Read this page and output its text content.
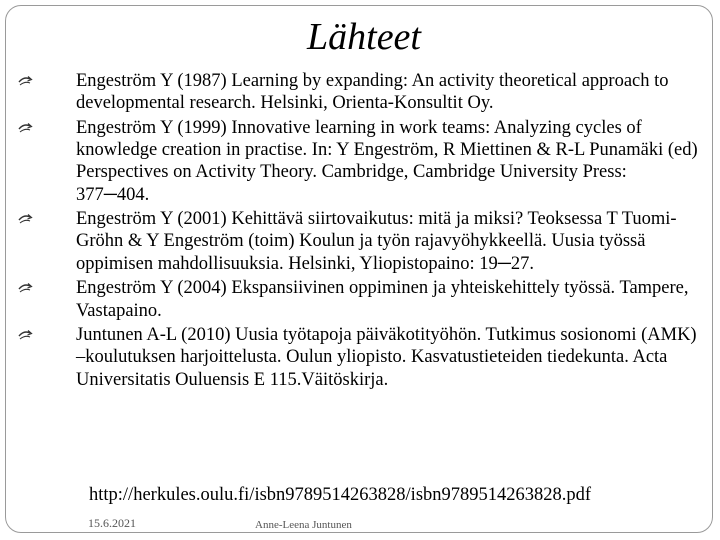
Lähteet
Engeström Y (1987) Learning by expanding: An activity theoretical approach to developmental research. Helsinki, Orienta-Konsultit Oy.
Engeström Y (1999) Innovative learning in work teams: Analyzing cycles of knowledge creation in practise. In: Y Engeström, R Miettinen & R-L Punamäki (ed) Perspectives on Activity Theory. Cambridge, Cambridge University Press: 377─404.
Engeström Y (2001) Kehittävä siirtovaikutus: mitä ja miksi? Teoksessa T Tuomi-Gröhn & Y Engeström (toim) Koulun ja työn rajavyöhykkeellä. Uusia työssä oppimisen mahdollisuuksia. Helsinki, Yliopistopaino: 19─27.
Engeström Y (2004) Ekspansiivinen oppiminen ja yhteiskehittely työssä. Tampere, Vastapaino.
Juntunen A-L (2010) Uusia työtapoja päiväkotityöhön. Tutkimus sosionomi (AMK) –koulutuksen harjoittelusta. Oulun yliopisto. Kasvatustieteiden tiedekunta. Acta Universitatis Ouluensis E 115.Väitöskirja.
http://herkules.oulu.fi/isbn9789514263828/isbn9789514263828.pdf
15.6.2021	Anne-Leena Juntunen
